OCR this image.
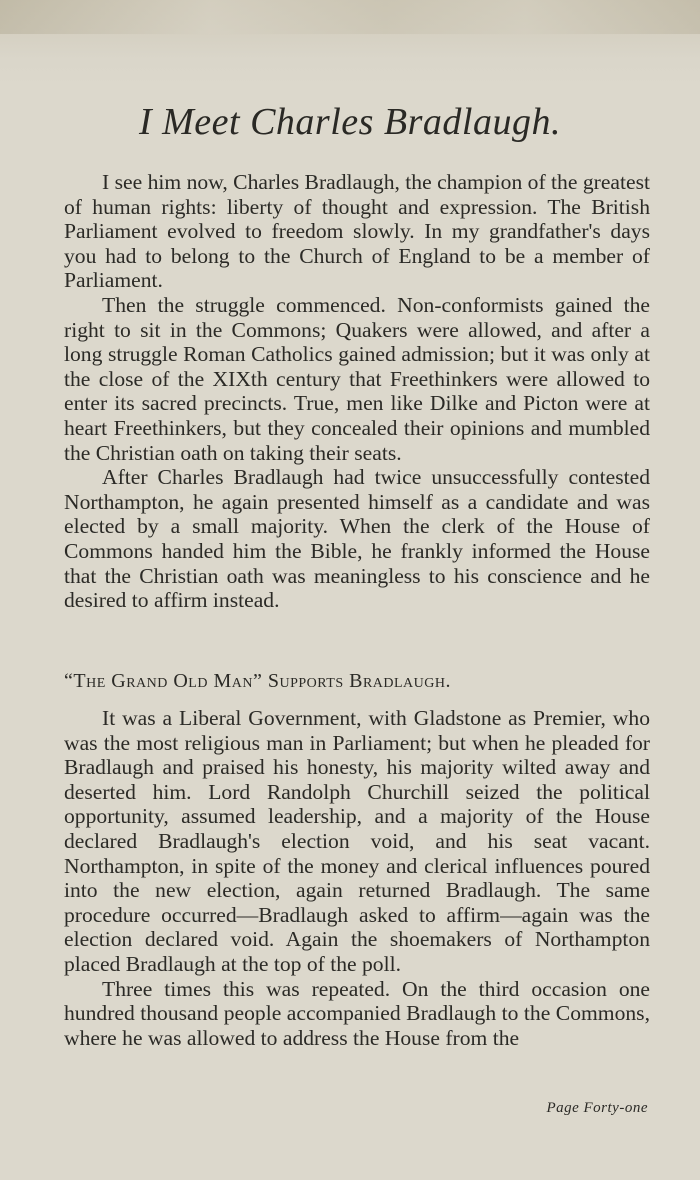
I Meet Charles Bradlaugh.

I see him now, Charles Bradlaugh, the champion of the greatest of human rights: liberty of thought and expression. The British Parliament evolved to freedom slowly. In my grandfather's days you had to belong to the Church of England to be a member of Parliament.

Then the struggle commenced. Non-conformists gained the right to sit in the Commons; Quakers were allowed, and after a long struggle Roman Catholics gained admission; but it was only at the close of the XIXth century that Freethinkers were allowed to enter its sacred precincts. True, men like Dilke and Picton were at heart Freethinkers, but they concealed their opinions and mumbled the Christian oath on taking their seats.

After Charles Bradlaugh had twice unsuccessfully contested Northampton, he again presented himself as a candidate and was elected by a small majority. When the clerk of the House of Commons handed him the Bible, he frankly informed the House that the Christian oath was meaningless to his conscience and he desired to affirm instead.

“The Grand Old Man” Supports Bradlaugh.

It was a Liberal Government, with Gladstone as Premier, who was the most religious man in Parliament; but when he pleaded for Bradlaugh and praised his honesty, his majority wilted away and deserted him. Lord Randolph Churchill seized the political opportunity, assumed leadership, and a majority of the House declared Bradlaugh's election void, and his seat vacant. Northampton, in spite of the money and clerical influences poured into the new election, again returned Bradlaugh. The same procedure occurred—Bradlaugh asked to affirm—again was the election declared void. Again the shoemakers of Northampton placed Bradlaugh at the top of the poll.

Three times this was repeated. On the third occasion one hundred thousand people accompanied Bradlaugh to the Commons, where he was allowed to address the House from the

Page Forty-one
